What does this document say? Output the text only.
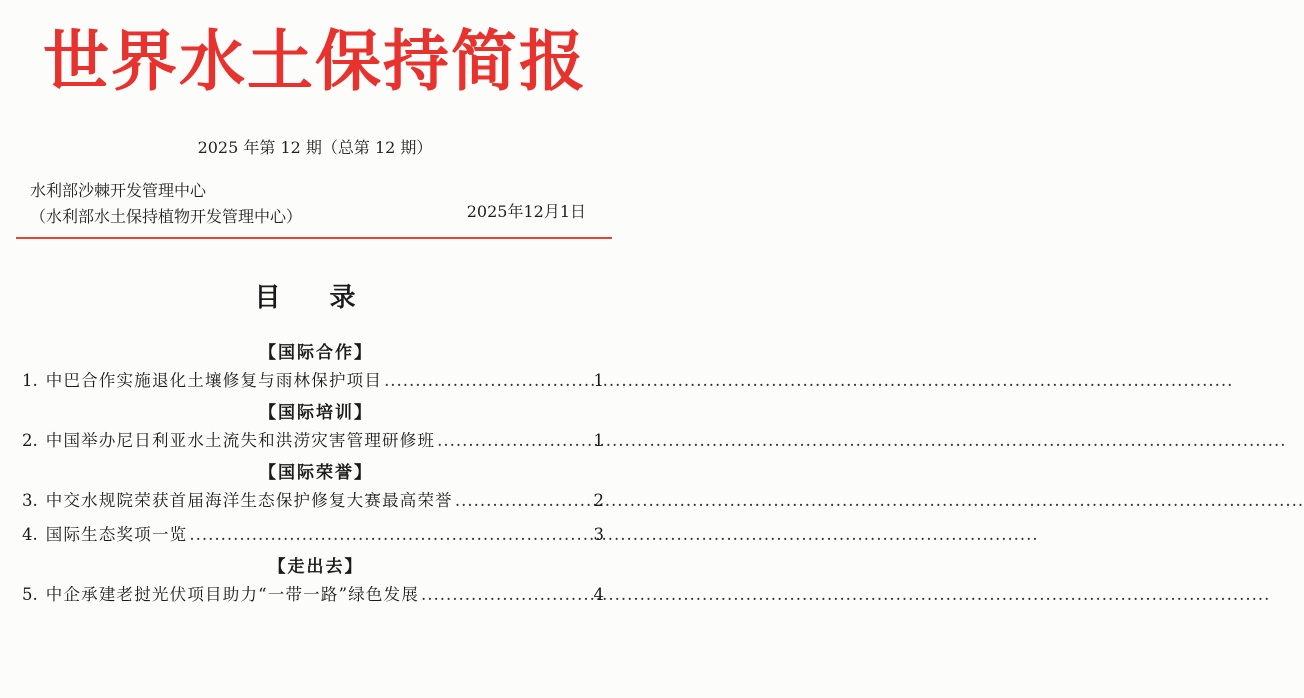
世界水土保持简报
2025 年第 12 期（总第 12 期）
水利部沙棘开发管理中心
（水利部水土保持植物开发管理中心）	2025年12月1日
目 录
【国际合作】
1. 中巴合作实施退化土壤修复与雨林保护项目 .....	1
【国际培训】
2. 中国举办尼日利亚水土流失和洪涝灾害管理研修班 .....	1
【国际荣誉】
3. 中交水规院荣获首届海洋生态保护修复大赛最高荣誉 .....	2
4. 国际生态奖项一览 .....	3
【走出去】
5. 中企承建老挝光伏项目助力“一带一路”绿色发展 .....	4
